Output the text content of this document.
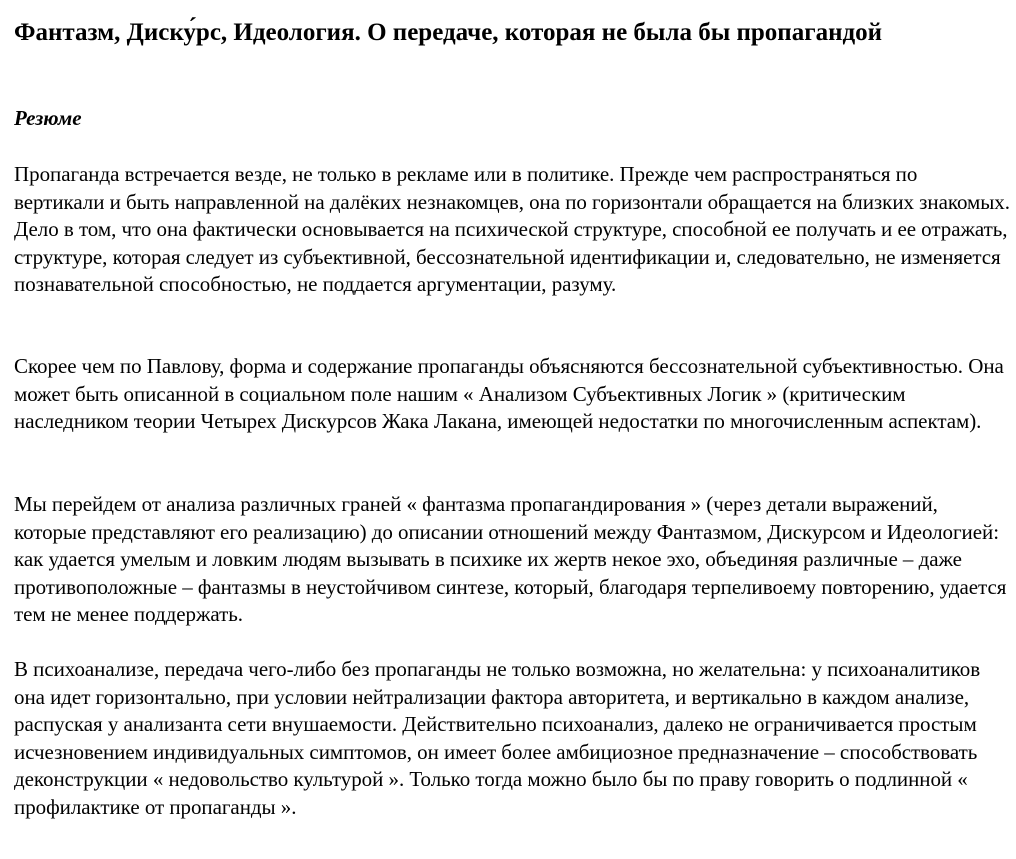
Фантазм, Диску́рс, Идеология. О передаче, которая не была бы пропагандой
Резюме

Пропаганда встречается везде, не только в рекламе или в политике. Прежде чем распространяться по вертикали и быть направленной на далёких незнакомцев, она по горизонтали обращается на близких знакомых. Дело в том, что она фактически основывается на психической структуре, способной ее получать и ее отражать, структуре, которая следует из субъективной, бессознательной идентификации и, следовательно, не изменяется познавательной способностью, не поддается аргументации, разуму.

Скорее чем по Павлову, форма и содержание пропаганды объясняются бессознательной субъективностью. Она может быть описанной в социальном поле нашим « Анализом Субъективных Логик » (критическим наследником теории Четырех Дискурсов Жака Лакана, имеющей недостатки по многочисленным аспектам).

Мы перейдем от анализа различных граней « фантазма пропагандирования » (через детали выражений, которые представляют его реализацию) до описании отношений между Фантазмом, Дискурсом и Идеологией: как удается умелым и ловким людям вызывать в психике их жертв некое эхо, объединяя различные – даже противоположные – фантазмы в неустойчивом синтезе, который, благодаря терпеливоему повторению, удается тем не менее поддержать.

В психоанализе, передача чего-либо без пропаганды не только возможна, но желательна: у психоаналитиков она идет горизонтально, при условии нейтрализации фактора авторитета, и вертикально в каждом анализе, распуская у анализанта сети внушаемости. Действительно психоанализ, далеко не ограничивается простым исчезновением индивидуальных симптомов, он имеет более амбициозное предназначение – способствовать деконструкции « недовольство культурой ». Только тогда можно было бы по праву говорить о подлинной « профилактике от пропаганды ».
